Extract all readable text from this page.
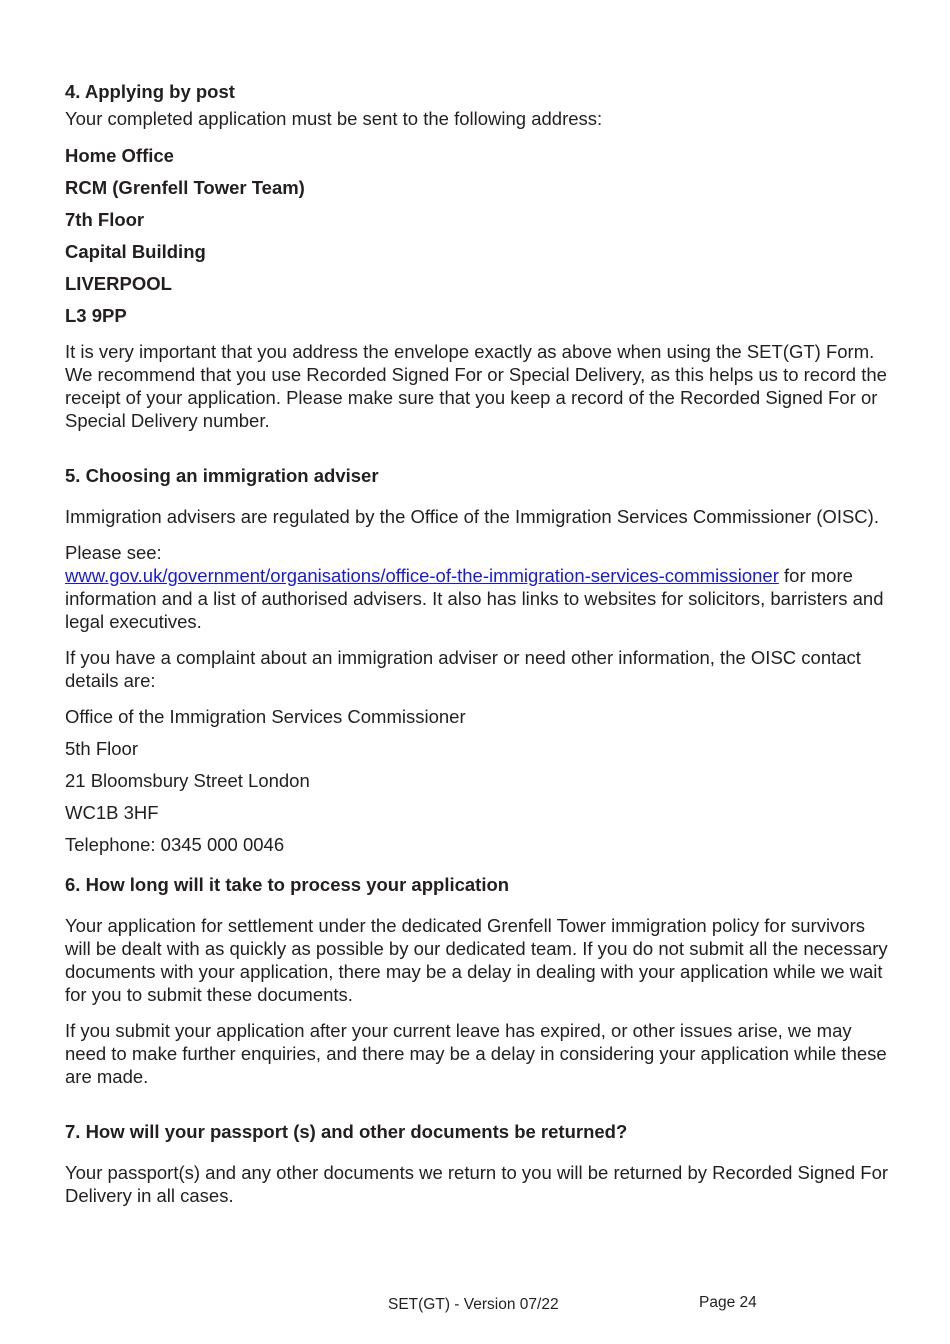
4. Applying by post

Your completed application must be sent to the following address:

Home Office

RCM (Grenfell Tower Team)

7th Floor

Capital Building

LIVERPOOL

L3 9PP

It is very important that you address the envelope exactly as above when using the SET(GT) Form. We recommend that you use Recorded Signed For or Special Delivery, as this helps us to record the receipt of your application. Please make sure that you keep a record of the Recorded Signed For or Special Delivery number.

5. Choosing an immigration adviser

Immigration advisers are regulated by the Office of the Immigration Services Commissioner (OISC).

Please see:
www.gov.uk/government/organisations/office-of-the-immigration-services-commissioner for more information and a list of authorised advisers. It also has links to websites for solicitors, barristers and legal executives.

If you have a complaint about an immigration adviser or need other information, the OISC contact details are:

Office of the Immigration Services Commissioner

5th Floor

21 Bloomsbury Street London

WC1B 3HF

Telephone: 0345 000 0046

6. How long will it take to process your application

Your application for settlement under the dedicated Grenfell Tower immigration policy for survivors will be dealt with as quickly as possible by our dedicated team. If you do not submit all the necessary documents with your application, there may be a delay in dealing with your application while we wait for you to submit these documents.

If you submit your application after your current leave has expired, or other issues arise, we may need to make further enquiries, and there may be a delay in considering your application while these are made.

7. How will your passport (s) and other documents be returned?

Your passport(s) and any other documents we return to you will be returned by Recorded Signed For Delivery in all cases.

SET(GT) - Version 07/22	Page 24
